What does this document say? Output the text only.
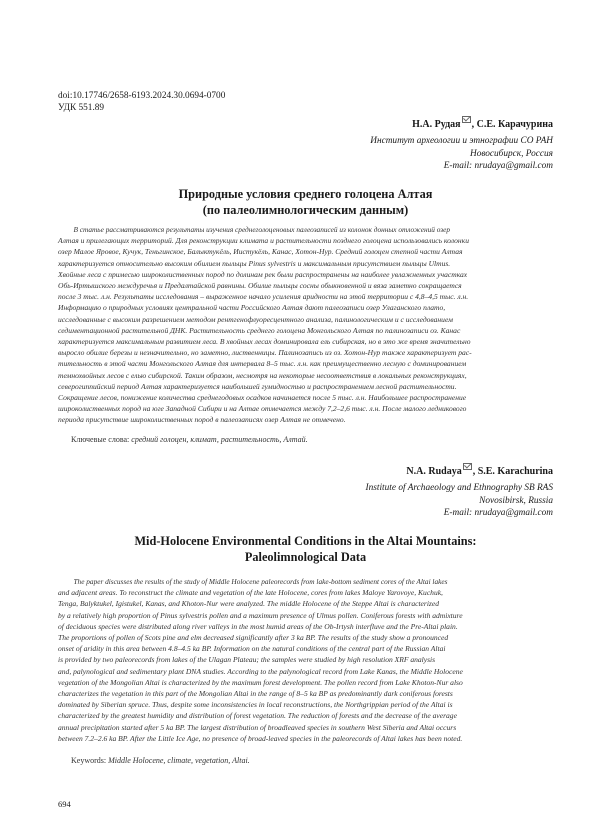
doi:10.17746/2658-6193.2024.30.0694-0700
УДК 551.89
Н.А. Рудая , С.Е. Карачурина
Институт археологии и этнографии СО РАН
Новосибирск, Россия
E-mail: nrudaya@gmail.com
Природные условия среднего голоцена Алтая
(по палеолимнологическим данным)
В статье рассматриваются результаты изучения среднеголоценовых палеозаписей из колонок донных отложений озер
Алтая и прилегающих территорий. Для реконструкции климата и растительности позднего голоцена использовались колонки
озер Малое Яровое, Кучук, Теньгинское, Балыктукёль, Иистукёль, Канас, Хотон-Нур. Средний голоцен степной части Алтая
характеризуется относительно высоким обилием пыльцы Pinus sylvestris и максимальным присутствием пыльцы Ulmus.
Хвойные леса с примесью широколиственных пород по долинам рек были распространены на наиболее увлажненных участках
Обь-Иртышского междуречья и Предалтайской равнины. Обилие пыльцы сосны обыкновенной и вяза заметно сокращается
после 3 тыс. л.н. Результаты исследования – выраженное начало усиления аридности на этой территории с 4,8–4,5 тыс. л.н.
Информацию о природных условиях центральной части Российского Алтая дают палеозаписи озер Улаганского плато,
исследованные с высоким разрешением методом рентгенофлуоресцентного анализа, палинологическим и с исследованием
седиментационной растительной ДНК. Растительность среднего голоцена Монгольского Алтая по палинозаписи оз. Канас
характеризуется максимальным развитием леса. В хвойных лесах доминировала ель сибирская, но в это же время значительно
выросло обилие березы и незначительно, но заметно, лиственницы. Палинозапись из оз. Хотон-Нур также характеризует рас-
тительность в этой части Монгольского Алтая для интервала 8–5 тыс. л.н. как преимущественно лесную с доминированием
темнохвойных лесов с елью сибирской. Таким образом, несмотря на некоторые несоответствия в локальных реконструкциях,
северогиппийский период Алтая характеризуется наибольшей гумидностью и распространением лесной растительности.
Сокращение лесов, понижение количества среднегодовых осадков начинается после 5 тыс. л.н. Наибольшее распространение
широколиственных пород на юге Западной Сибири и на Алтае отмечается между 7,2–2,6 тыс. л.н. После малого ледникового
периода присутствие широколиственных пород в палеозаписях озер Алтая не отмечено.
Ключевые слова: средний голоцен, климат, растительность, Алтай.
N.A. Rudaya , S.E. Karachurina
Institute of Archaeology and Ethnography SB RAS
Novosibirsk, Russia
E-mail: nrudaya@gmail.com
Mid-Holocene Environmental Conditions in the Altai Mountains:
Paleolimnological Data
The paper discusses the results of the study of Middle Holocene paleorecords from lake-bottom sediment cores of the Altai lakes
and adjacent areas. To reconstruct the climate and vegetation of the late Holocene, cores from lakes Maloye Yarovoye, Kuchuk,
Tenga, Balyktukel, Igistukel, Kanas, and Khoton-Nur were analyzed. The middle Holocene of the Steppe Altai is characterized
by a relatively high proportion of Pinus sylvestris pollen and a maximum presence of Ulmus pollen. Coniferous forests with admixture
of deciduous species were distributed along river valleys in the most humid areas of the Ob-Irtysh interfluve and the Pre-Altai plain.
The proportions of pollen of Scots pine and elm decreased significantly after 3 ka BP. The results of the study show a pronounced
onset of aridity in this area between 4.8–4.5 ka BP. Information on the natural conditions of the central part of the Russian Altai
is provided by two paleorecords from lakes of the Ulagan Plateau; the samples were studied by high resolution XRF analysis
and, palynological and sedimentary plant DNA studies. According to the palynological record from Lake Kanas, the Middle Holocene
vegetation of the Mongolian Altai is characterized by the maximum forest development. The pollen record from Lake Khoton-Nur also
characterizes the vegetation in this part of the Mongolian Altai in the range of 8–5 ka BP as predominantly dark coniferous forests
dominated by Siberian spruce. Thus, despite some inconsistencies in local reconstructions, the Northgrippian period of the Altai is
characterized by the greatest humidity and distribution of forest vegetation. The reduction of forests and the decrease of the average
annual precipitation started after 5 ka BP. The largest distribution of broadleaved species in southern West Siberia and Altai occurs
between 7.2–2.6 ka BP. After the Little Ice Age, no presence of broad-leaved species in the paleorecords of Altai lakes has been noted.
Keywords: Middle Holocene, climate, vegetation, Altai.
694
